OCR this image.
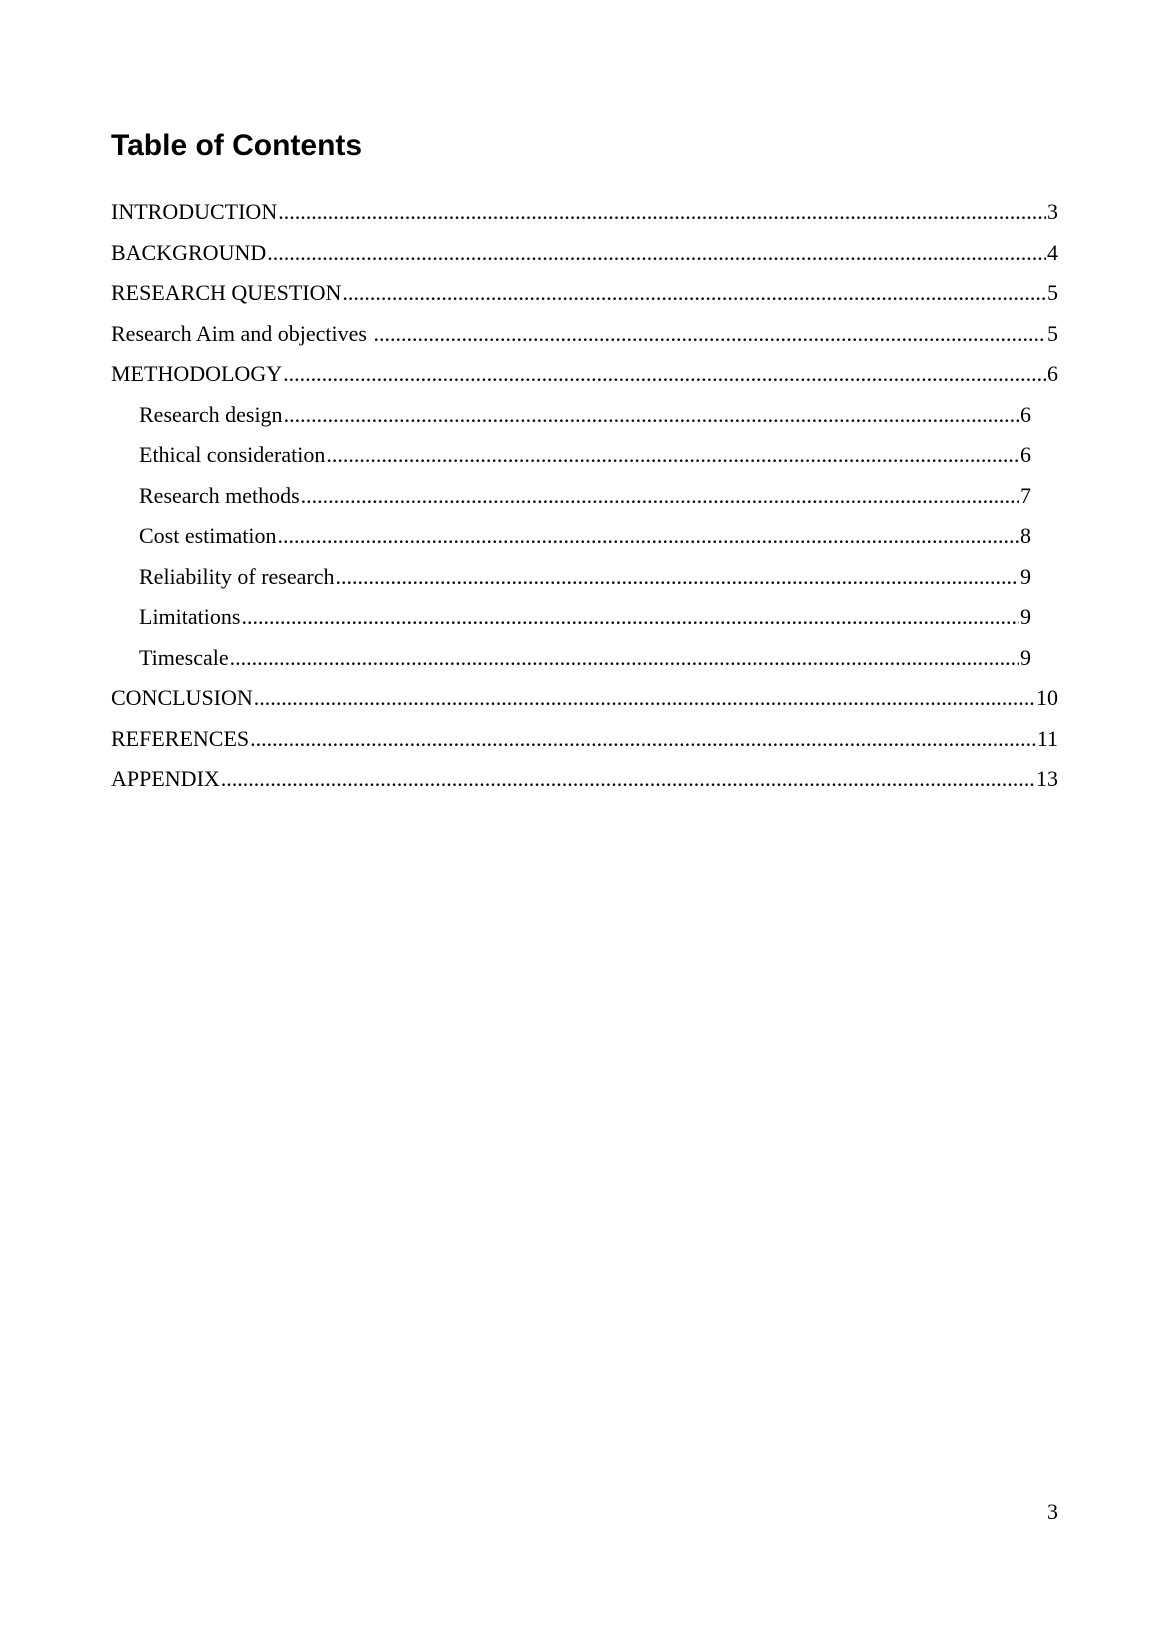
Table of Contents
INTRODUCTION .....	3
BACKGROUND .....	4
RESEARCH QUESTION .....	5
Research Aim and objectives .....	5
METHODOLOGY .....	6
Research design .....	6
Ethical consideration .....	6
Research methods .....	7
Cost estimation .....	8
Reliability of research .....	9
Limitations .....	9
Timescale .....	9
CONCLUSION .....	10
REFERENCES .....	11
APPENDIX .....	13
3
